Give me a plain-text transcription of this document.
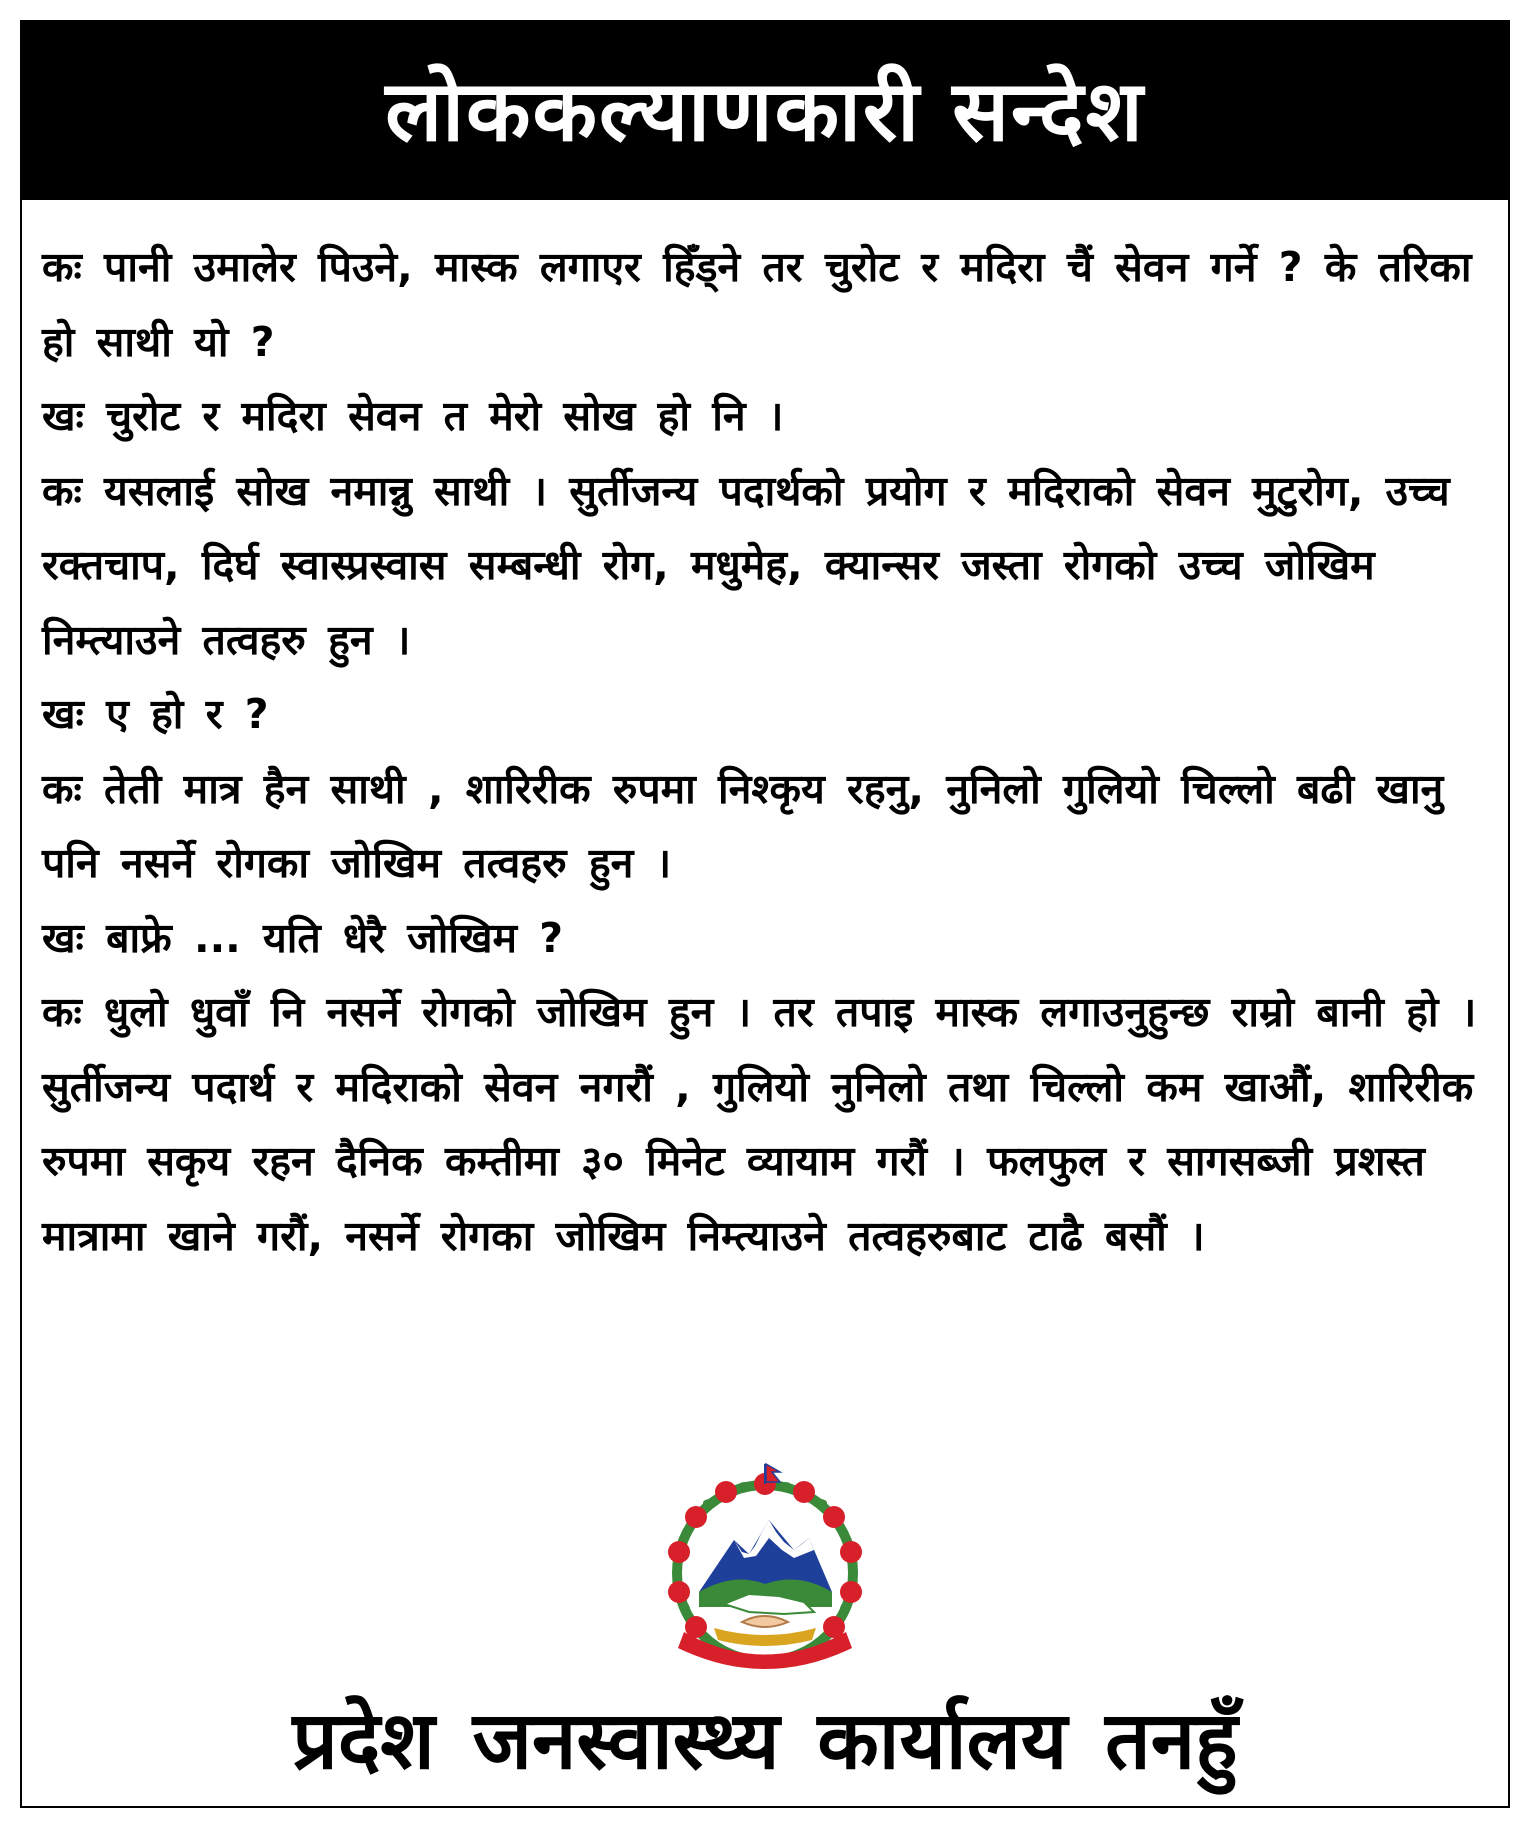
लोककल्याणकारी सन्देश

कः पानी उमालेर पिउने, मास्क लगाएर हिँड्ने तर चुरोट र मदिरा चैं सेवन गर्ने ? के तरिका हो साथी यो ?

खः चुरोट र मदिरा सेवन त मेरो सोख हो नि ।

कः यसलाई सोख नमान्नु साथी । सुर्तीजन्य पदार्थको प्रयोग र मदिराको सेवन मुटुरोग, उच्च रक्तचाप, दिर्घ स्वास्प्रस्वास सम्बन्धी रोग, मधुमेह, क्यान्सर जस्ता रोगको उच्च जोखिम निम्त्याउने तत्वहरु हुन ।

खः ए हो र ?

कः तेती मात्र हैन साथी , शारिरीक रुपमा निश्कृय रहनु, नुनिलो गुलियो चिल्लो बढी खानु पनि नसर्ने रोगका जोखिम तत्वहरु हुन ।

खः बाफ्रे ... यति धेरै जोखिम ?

कः धुलो धुवाँ नि नसर्ने रोगको जोखिम हुन । तर तपाइ मास्क लगाउनुहुन्छ राम्रो बानी हो ।

सुर्तीजन्य पदार्थ र मदिराको सेवन नगरौं , गुलियो नुनिलो तथा चिल्लो कम खाऔं, शारिरीक रुपमा सकृय रहन दैनिक कम्तीमा ३० मिनेट व्यायाम गरौं । फलफुल र सागसब्जी प्रशस्त मात्रामा खाने गरौं, नसर्ने रोगका जोखिम निम्त्याउने तत्वहरुबाट टाढै बसौं ।

प्रदेश जनस्वास्थ्य कार्यालय तनहुँ
